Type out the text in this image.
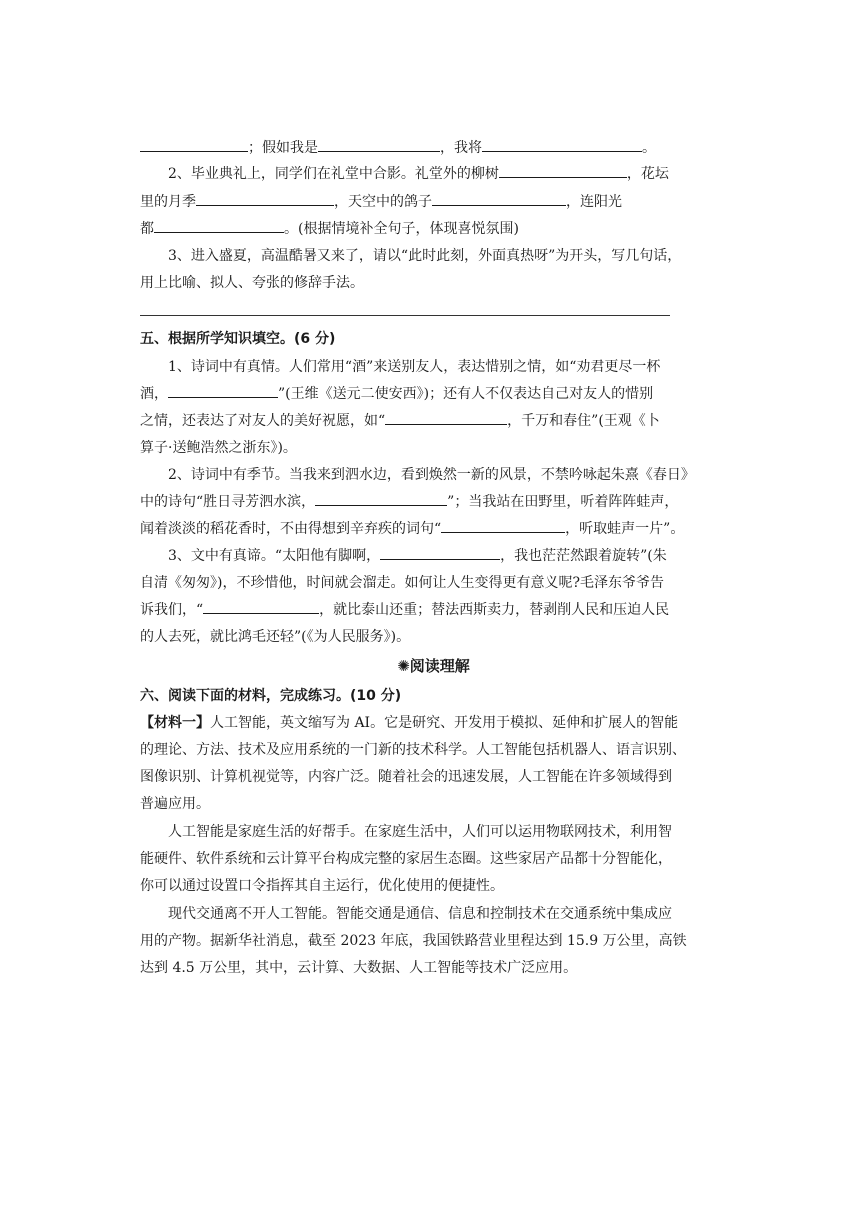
；假如我是	，我将	。
2、毕业典礼上，同学们在礼堂中合影。礼堂外的柳树	，花坛
里的月季	，天空中的鸽子	，连阳光
都	。(根据情境补全句子，体现喜悦氛围)
3、进入盛夏，高温酷暑又来了，请以“此时此刻，外面真热呀”为开头，写几句话，
用上比喻、拟人、夸张的修辞手法。
五、根据所学知识填空。(6 分)
1、诗词中有真情。人们常用“酒”来送别友人，表达惜别之情，如“劝君更尽一杯
酒，	”(王维《送元二使安西》)；还有人不仅表达自己对友人的惜别
之情，还表达了对友人的美好祝愿，如“	，千万和春住”(王观《卜
算子·送鲍浩然之浙东》)。
2、诗词中有季节。当我来到泗水边，看到焕然一新的风景，不禁吟咏起朱熹《春日》
中的诗句“胜日寻芳泗水滨，	”；当我站在田野里，听着阵阵蛙声，
闻着淡淡的稻花香时，不由得想到辛弃疾的词句“	，听取蛙声一片”。
3、文中有真谛。“太阳他有脚啊，	，我也茫茫然跟着旋转”(朱
自清《匆匆》)，不珍惜他，时间就会溜走。如何让人生变得更有意义呢?毛泽东爷爷告
诉我们，“	，就比泰山还重；替法西斯卖力，替剥削人民和压迫人民
的人去死，就比鸿毛还轻”(《为人民服务》)。
✺阅读理解
六、阅读下面的材料，完成练习。(10 分)
【材料一】人工智能，英文缩写为 AI。它是研究、开发用于模拟、延伸和扩展人的智能
的理论、方法、技术及应用系统的一门新的技术科学。人工智能包括机器人、语言识别、
图像识别、计算机视觉等，内容广泛。随着社会的迅速发展，人工智能在许多领域得到
普遍应用。
人工智能是家庭生活的好帮手。在家庭生活中，人们可以运用物联网技术，利用智
能硬件、软件系统和云计算平台构成完整的家居生态圈。这些家居产品都十分智能化，
你可以通过设置口令指挥其自主运行，优化使用的便捷性。
现代交通离不开人工智能。智能交通是通信、信息和控制技术在交通系统中集成应
用的产物。据新华社消息，截至 2023 年底，我国铁路营业里程达到 15.9 万公里，高铁
达到 4.5 万公里，其中，云计算、大数据、人工智能等技术广泛应用。
